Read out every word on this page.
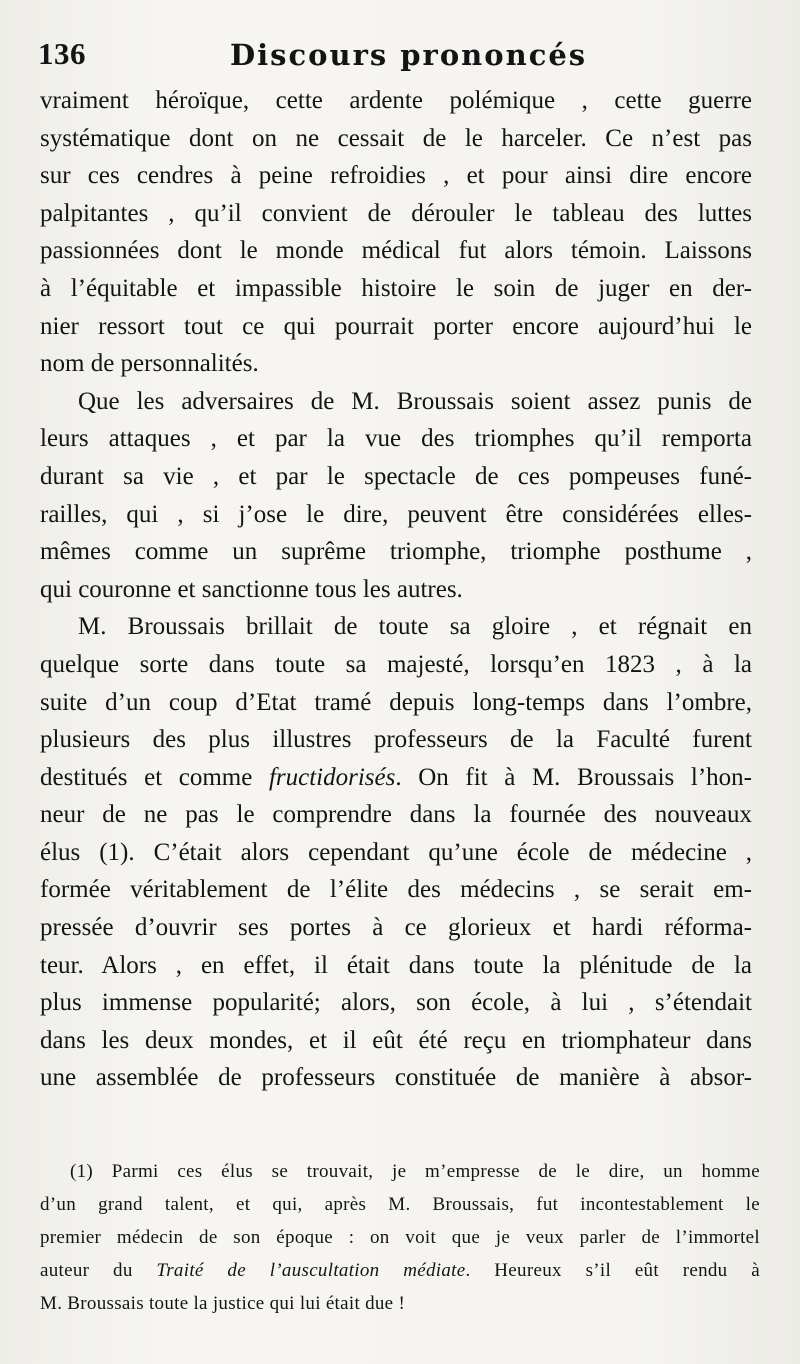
136	Discours prononcés
vraiment héroïque, cette ardente polémique , cette guerre
systématique dont on ne cessait de le harceler. Ce n’est pas
sur ces cendres à peine refroidies , et pour ainsi dire encore
palpitantes , qu’il convient de dérouler le tableau des luttes
passionnées dont le monde médical fut alors témoin. Laissons
à l’équitable et impassible histoire le soin de juger en der-
nier ressort tout ce qui pourrait porter encore aujourd’hui le
nom de personnalités.
Que les adversaires de M. Broussais soient assez punis de
leurs attaques , et par la vue des triomphes qu’il remporta
durant sa vie , et par le spectacle de ces pompeuses funé-
railles, qui , si j’ose le dire, peuvent être considérées elles-
mêmes comme un suprême triomphe, triomphe posthume ,
qui couronne et sanctionne tous les autres.
M. Broussais brillait de toute sa gloire , et régnait en
quelque sorte dans toute sa majesté, lorsqu’en 1823 , à la
suite d’un coup d’Etat tramé depuis long-temps dans l’ombre,
plusieurs des plus illustres professeurs de la Faculté furent
destitués et comme fructidorisés. On fit à M. Broussais l’hon-
neur de ne pas le comprendre dans la fournée des nouveaux
élus (1). C’était alors cependant qu’une école de médecine ,
formée véritablement de l’élite des médecins , se serait em-
pressée d’ouvrir ses portes à ce glorieux et hardi réforma-
teur. Alors , en effet, il était dans toute la plénitude de la
plus immense popularité; alors, son école, à lui , s’étendait
dans les deux mondes, et il eût été reçu en triomphateur dans
une assemblée de professeurs constituée de manière à absor-
(1) Parmi ces élus se trouvait, je m’empresse de le dire, un homme
d’un grand talent, et qui, après M. Broussais, fut incontestablement le
premier médecin de son époque : on voit que je veux parler de l’immortel
auteur du Traité de l’auscultation médiate. Heureux s’il eût rendu à
M. Broussais toute la justice qui lui était due !
